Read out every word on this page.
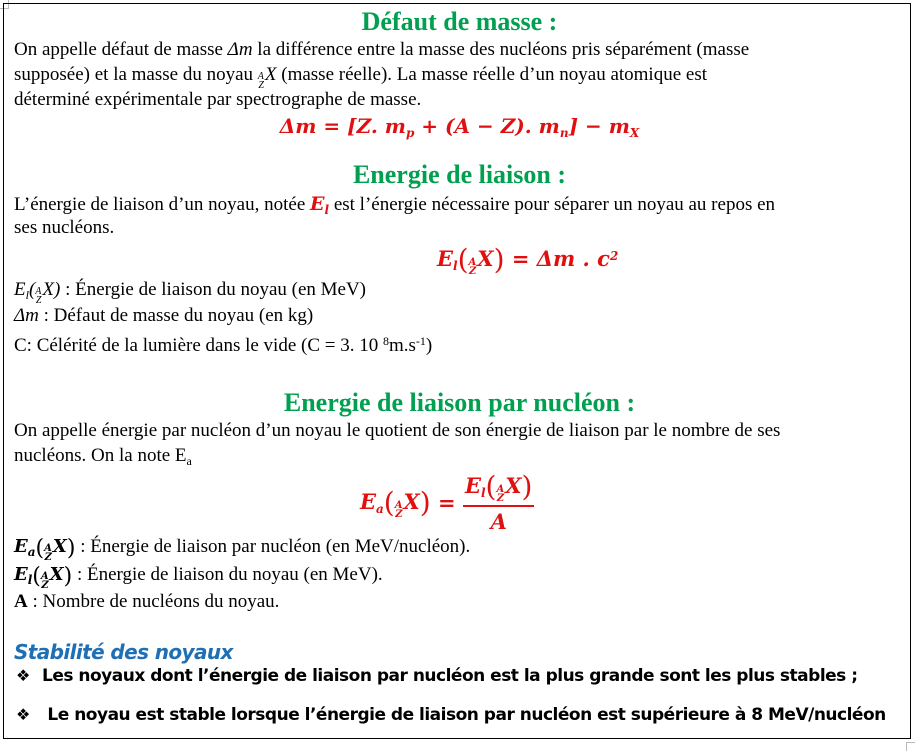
Défaut de masse :
On appelle défaut de masse Δm la différence entre la masse des nucléons pris séparément (masse
supposée) et la masse du noyau A
Z
X (masse réelle). La masse réelle d’un noyau atomique est
déterminé expérimentale par spectrographe de masse.
Δm = [Z. $m_p + (A - Z)$. $m_n] - m_X$
Energie de liaison :
L’énergie de liaison d’un noyau, notée $E_l$ est l’énergie nécessaire pour séparer un noyau au repos en
ses nucléons.
$E_l$( A
Z
X) = Δm . $c^2$
$E_l$( A
Z
X) : Énergie de liaison du noyau (en MeV)
Δm : Défaut de masse du noyau (en kg)
C: Célérité de la lumière dans le vide (C = 3. 10 $^8m.s^{-1}$)
Energie de liaison par nucléon :
On appelle énergie par nucléon d’un noyau le quotient de son énergie de liaison par le nombre de ses
nucléons. On la note $E_a$
$E_a$( A
Z
$X) = E_l$( A
Z
X)
A
$E_a$( A
Z
X) : Énergie de liaison par nucléon (en MeV/nucléon).
$E_l$( A
Z
X) : Énergie de liaison du noyau (en MeV).
A : Nombre de nucléons du noyau.
Stabilité des noyaux
❖ Les noyaux dont l’énergie de liaison par nucléon est la plus grande sont les plus stables ;
❖ Le noyau est stable lorsque l’énergie de liaison par nucléon est supérieure à 8 MeV/nucléon
